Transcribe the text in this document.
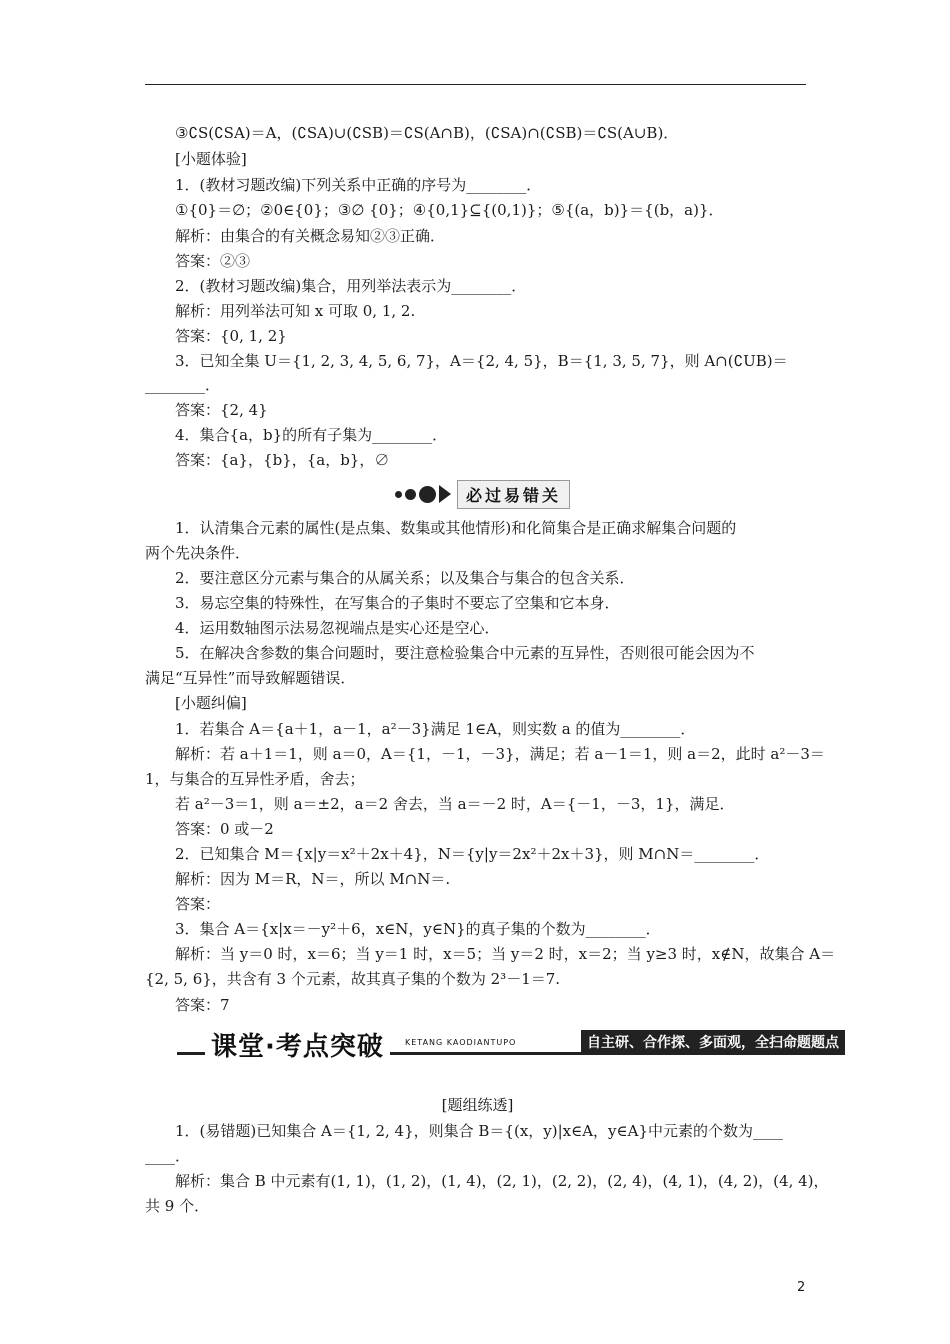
③∁S(∁SA)＝A，(∁SA)∪(∁SB)＝∁S(A∩B)，(∁SA)∩(∁SB)＝∁S(A∪B)．
[小题体验]
1．(教材习题改编)下列关系中正确的序号为________．
①{0}＝∅；②0∈{0}；③∅ {0}；④{0,1}⊆{(0,1)}；⑤{(a，b)}＝{(b，a)}．
解析：由集合的有关概念易知②③正确．
答案：②③
2．(教材习题改编)集合，用列举法表示为________．
解析：用列举法可知 x 可取 0, 1, 2.
答案：{0, 1, 2}
3．已知全集 U＝{1, 2, 3, 4, 5, 6, 7}，A＝{2, 4, 5}，B＝{1, 3, 5, 7}，则 A∩(∁UB)＝
________．
答案：{2, 4}
4．集合{a，b}的所有子集为________．
答案：{a}，{b}，{a，b}，∅
必过易错关
1．认清集合元素的属性(是点集、数集或其他情形)和化简集合是正确求解集合问题的
两个先决条件．
2．要注意区分元素与集合的从属关系；以及集合与集合的包含关系．
3．易忘空集的特殊性，在写集合的子集时不要忘了空集和它本身．
4．运用数轴图示法易忽视端点是实心还是空心．
5．在解决含参数的集合问题时，要注意检验集合中元素的互异性，否则很可能会因为不
满足“互异性”而导致解题错误．
[小题纠偏]
1．若集合 A＝{a＋1，a－1，a²－3}满足 1∈A，则实数 a 的值为________．
解析：若 a＋1＝1，则 a＝0，A＝{1，－1，－3}，满足；若 a－1＝1，则 a＝2，此时 a²－3＝
1，与集合的互异性矛盾，舍去；
若 a²－3＝1，则 a＝±2，a＝2 舍去，当 a＝－2 时，A＝{－1，－3，1}，满足．
答案：0 或－2
2．已知集合 M＝{x|y＝x²＋2x＋4}，N＝{y|y＝2x²＋2x＋3}，则 M∩N＝________．
解析：因为 M＝R，N＝，所以 M∩N＝.
答案：
3．集合 A＝{x|x＝－y²＋6，x∈N，y∈N}的真子集的个数为________．
解析：当 y＝0 时，x＝6；当 y＝1 时，x＝5；当 y＝2 时，x＝2；当 y≥3 时，x∉N，故集合 A＝
{2, 5, 6}，共含有 3 个元素，故其真子集的个数为 2³－1＝7.
答案：7
课堂·考点突破	KETANG KAODIANTUPO	自主研、合作探、多面观，全扫命题题点
[题组练透]
1．(易错题)已知集合 A＝{1, 2, 4}，则集合 B＝{(x，y)|x∈A，y∈A}中元素的个数为____
____．
解析：集合 B 中元素有(1, 1)，(1, 2)，(1, 4)，(2, 1)，(2, 2)，(2, 4)，(4, 1)，(4, 2)，(4, 4)，
共 9 个．
2
